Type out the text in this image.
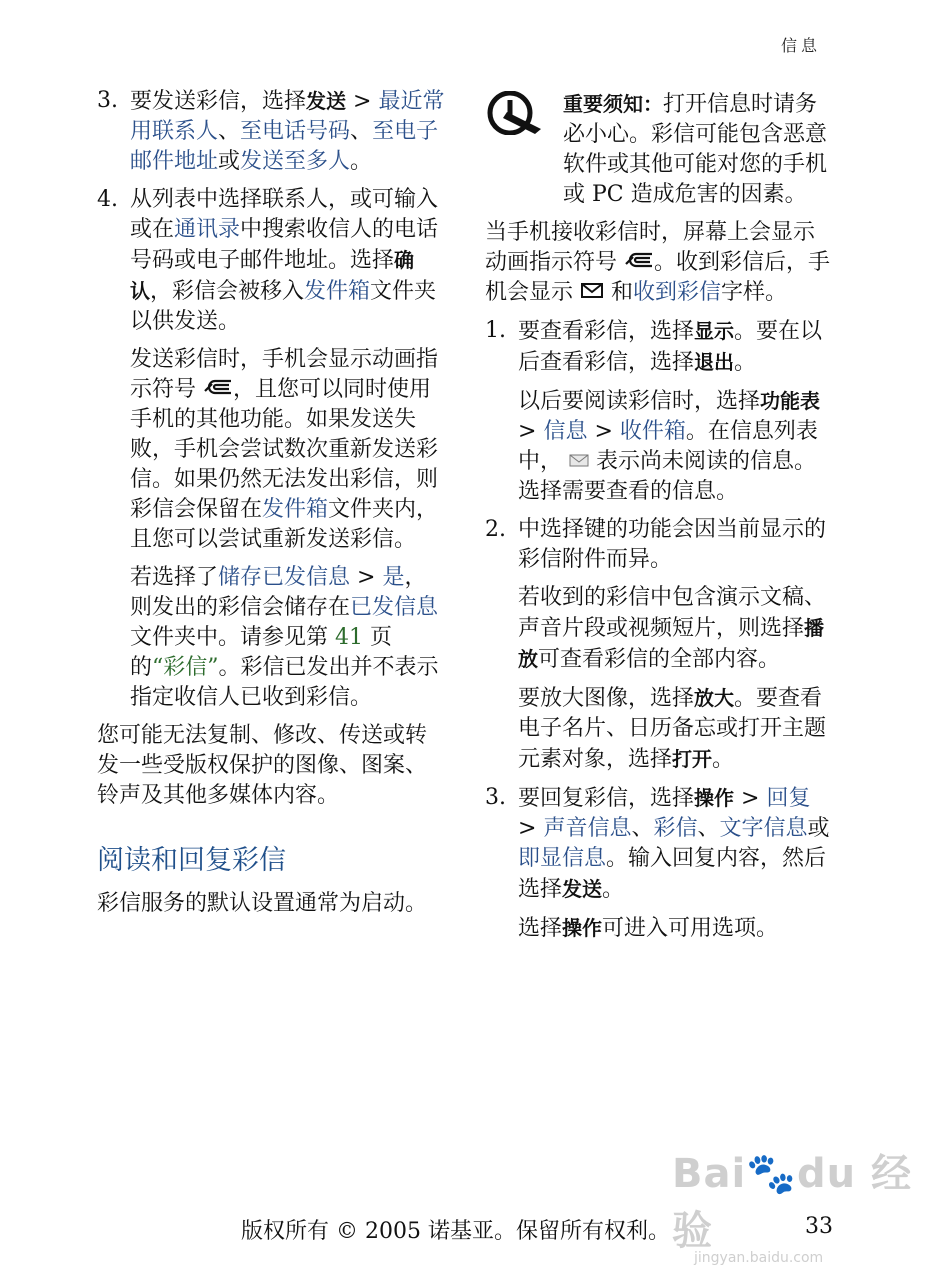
信息
3. 要发送彩信，选择发送 > 最近常用联系人、至电话号码、至电子邮件地址或发送至多人。
4. 从列表中选择联系人，或可输入或在通讯录中搜索收信人的电话号码或电子邮件地址。选择确认，彩信会被移入发件箱文件夹以供发送。
发送彩信时，手机会显示动画指示符号 ，且您可以同时使用手机的其他功能。如果发送失败，手机会尝试数次重新发送彩信。如果仍然无法发出彩信，则彩信会保留在发件箱文件夹内，且您可以尝试重新发送彩信。
若选择了储存已发信息 > 是，则发出的彩信会储存在已发信息文件夹中。请参见第 41 页的“彩信”。彩信已发出并不表示指定收信人已收到彩信。
您可能无法复制、修改、传送或转发一些受版权保护的图像、图案、铃声及其他多媒体内容。
阅读和回复彩信
彩信服务的默认设置通常为启动。
重要须知：打开信息时请务必小心。彩信可能包含恶意软件或其他可能对您的手机或 PC 造成危害的因素。
当手机接收彩信时，屏幕上会显示动画指示符号 。收到彩信后，手机会显示  和收到彩信字样。
1. 要查看彩信，选择显示。要在以后查看彩信，选择退出。
以后要阅读彩信时，选择功能表 > 信息 > 收件箱。在信息列表中，  表示尚未阅读的信息。选择需要查看的信息。
2. 中选择键的功能会因当前显示的彩信附件而异。
若收到的彩信中包含演示文稿、声音片段或视频短片，则选择播放可查看彩信的全部内容。
要放大图像，选择放大。要查看电子名片、日历备忘或打开主题元素对象，选择打开。
3. 要回复彩信，选择操作 > 回复 > 声音信息、彩信、文字信息或即显信息。输入回复内容，然后选择发送。
选择操作可进入可用选项。
Bai🐾du 经验
jingyan.baidu.com
版权所有 © 2005 诺基亚。保留所有权利。	33
